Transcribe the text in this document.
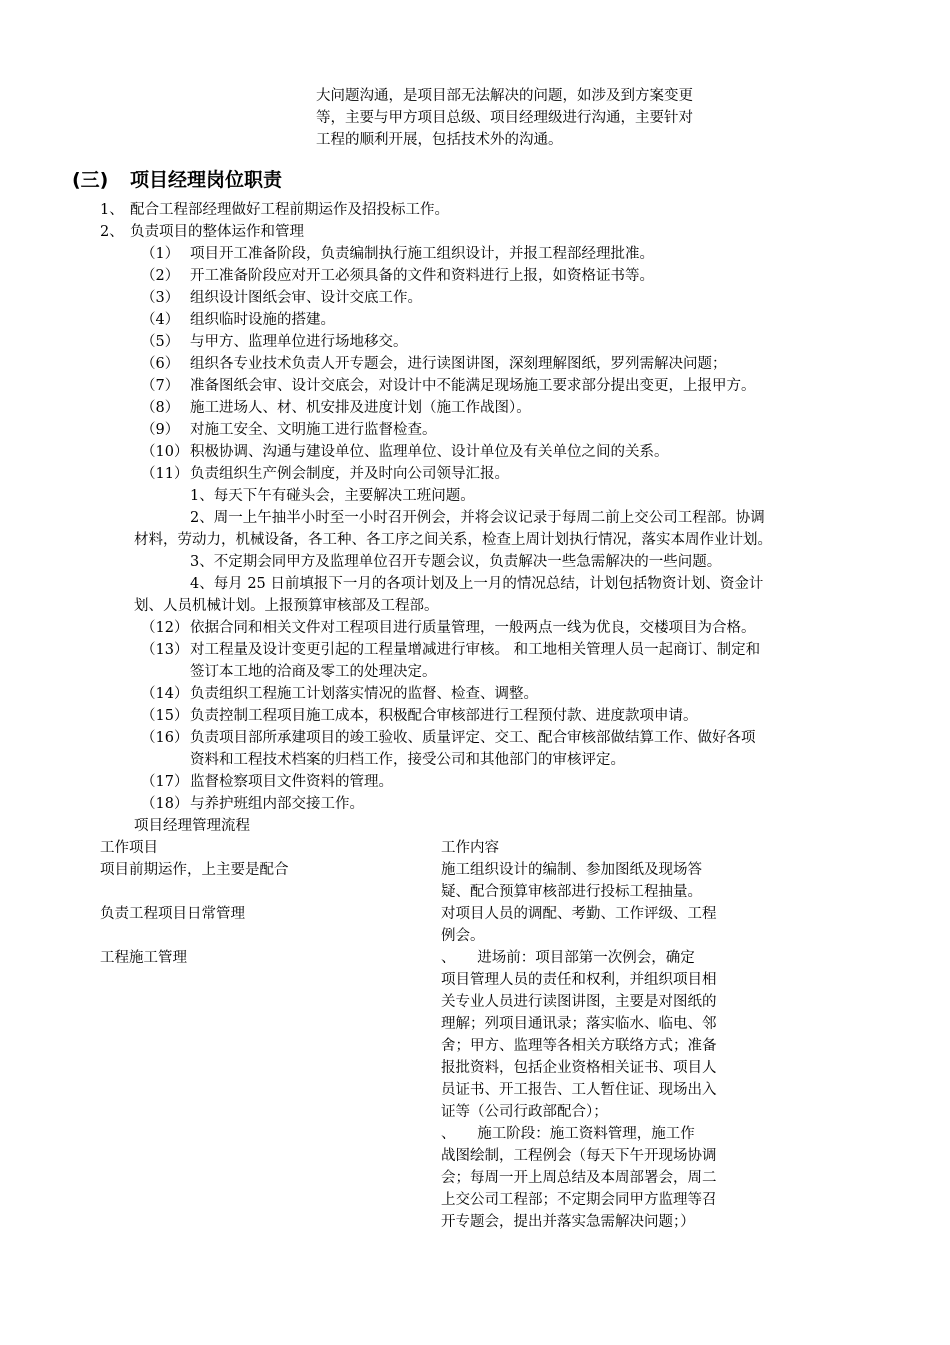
大问题沟通，是项目部无法解决的问题，如涉及到方案变更
等，主要与甲方项目总级、项目经理级进行沟通，主要针对
工程的顺利开展，包括技术外的沟通。
(三) 项目经理岗位职责
1、 配合工程部经理做好工程前期运作及招投标工作。
2、 负责项目的整体运作和管理
（1） 项目开工准备阶段，负责编制执行施工组织设计，并报工程部经理批准。
（2） 开工准备阶段应对开工必须具备的文件和资料进行上报，如资格证书等。
（3） 组织设计图纸会审、设计交底工作。
（4） 组织临时设施的搭建。
（5） 与甲方、监理单位进行场地移交。
（6） 组织各专业技术负责人开专题会，进行读图讲图，深刻理解图纸，罗列需解决问题；
（7） 准备图纸会审、设计交底会，对设计中不能满足现场施工要求部分提出变更，上报甲方。
（8） 施工进场人、材、机安排及进度计划（施工作战图）。
（9） 对施工安全、文明施工进行监督检查。
（10） 积极协调、沟通与建设单位、监理单位、设计单位及有关单位之间的关系。
（11） 负责组织生产例会制度，并及时向公司领导汇报。
1、每天下午有碰头会，主要解决工班问题。
2、周一上午抽半小时至一小时召开例会，并将会议记录于每周二前上交公司工程部。协调
材料，劳动力，机械设备，各工种、各工序之间关系，检查上周计划执行情况，落实本周作业计划。
3、不定期会同甲方及监理单位召开专题会议，负责解决一些急需解决的一些问题。
4、每月 25 日前填报下一月的各项计划及上一月的情况总结，计划包括物资计划、资金计
划、人员机械计划。上报预算审核部及工程部。
（12） 依据合同和相关文件对工程项目进行质量管理，一般两点一线为优良，交楼项目为合格。
（13） 对工程量及设计变更引起的工程量增减进行审核。 和工地相关管理人员一起商订、制定和
签订本工地的洽商及零工的处理决定。
（14） 负责组织工程施工计划落实情况的监督、检查、调整。
（15） 负责控制工程项目施工成本，积极配合审核部进行工程预付款、进度款项申请。
（16） 负责项目部所承建项目的竣工验收、质量评定、交工、配合审核部做结算工作、做好各项
资料和工程技术档案的归档工作，接受公司和其他部门的审核评定。
（17） 监督检察项目文件资料的管理。
（18） 与养护班组内部交接工作。
项目经理管理流程
工作项目	工作内容
项目前期运作，上主要是配合	施工组织设计的编制、参加图纸及现场答
疑、配合预算审核部进行投标工程抽量。
负责工程项目日常管理	对项目人员的调配、考勤、工作评级、工程
例会。
工程施工管理	、　　进场前：项目部第一次例会，确定
项目管理人员的责任和权利，并组织项目相
关专业人员进行读图讲图，主要是对图纸的
理解；列项目通讯录；落实临水、临电、邻
舍；甲方、监理等各相关方联络方式；准备
报批资料，包括企业资格相关证书、项目人
员证书、开工报告、工人暂住证、现场出入
证等（公司行政部配合）；
、　　施工阶段：施工资料管理，施工作
战图绘制，工程例会（每天下午开现场协调
会；每周一开上周总结及本周部署会，周二
上交公司工程部；不定期会同甲方监理等召
开专题会，提出并落实急需解决问题；）
